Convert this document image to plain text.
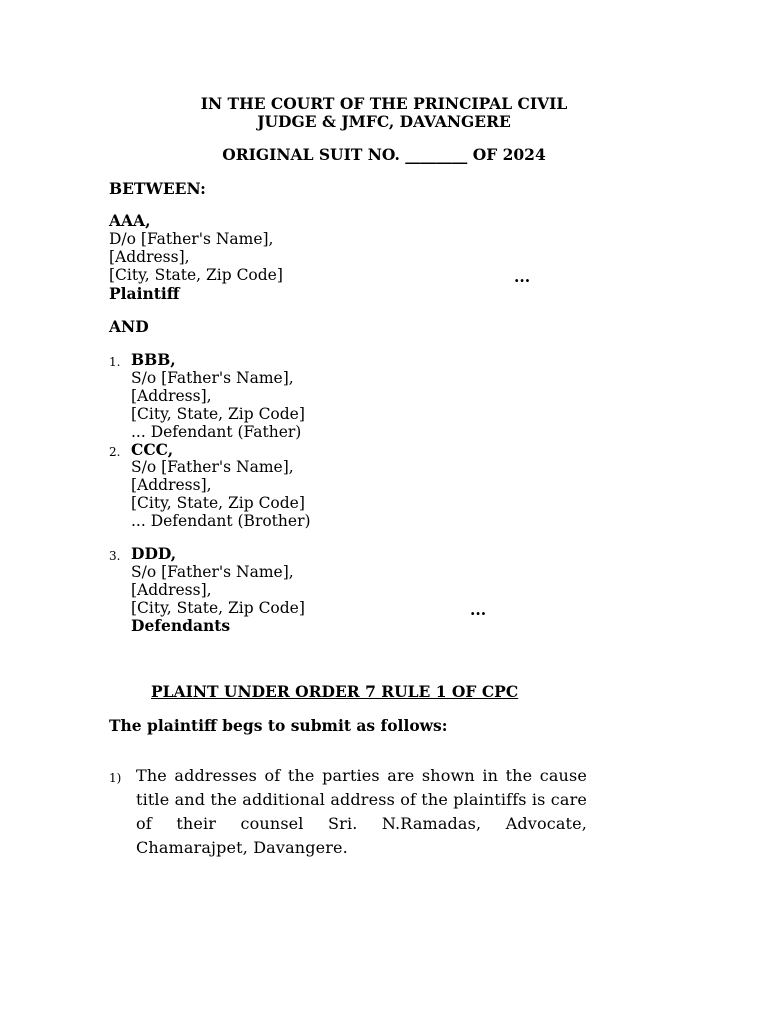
IN THE COURT OF THE PRINCIPAL CIVIL
JUDGE & JMFC, DAVANGERE
ORIGINAL SUIT NO. ________ OF 2024
BETWEEN:
AAA,
D/o [Father's Name],
[Address],
[City, State, Zip Code]	...
Plaintiff
AND
1. BBB,
S/o [Father's Name],
[Address],
[City, State, Zip Code]
... Defendant (Father)
2. CCC,
S/o [Father's Name],
[Address],
[City, State, Zip Code]
... Defendant (Brother)
3. DDD,
S/o [Father's Name],
[Address],
[City, State, Zip Code]	...
Defendants
PLAINT UNDER ORDER 7 RULE 1 OF CPC
The plaintiff begs to submit as follows:
1) The addresses of the parties are shown in the cause title and the additional address of the plaintiffs is care of their counsel Sri. N.Ramadas, Advocate, Chamarajpet, Davangere.
